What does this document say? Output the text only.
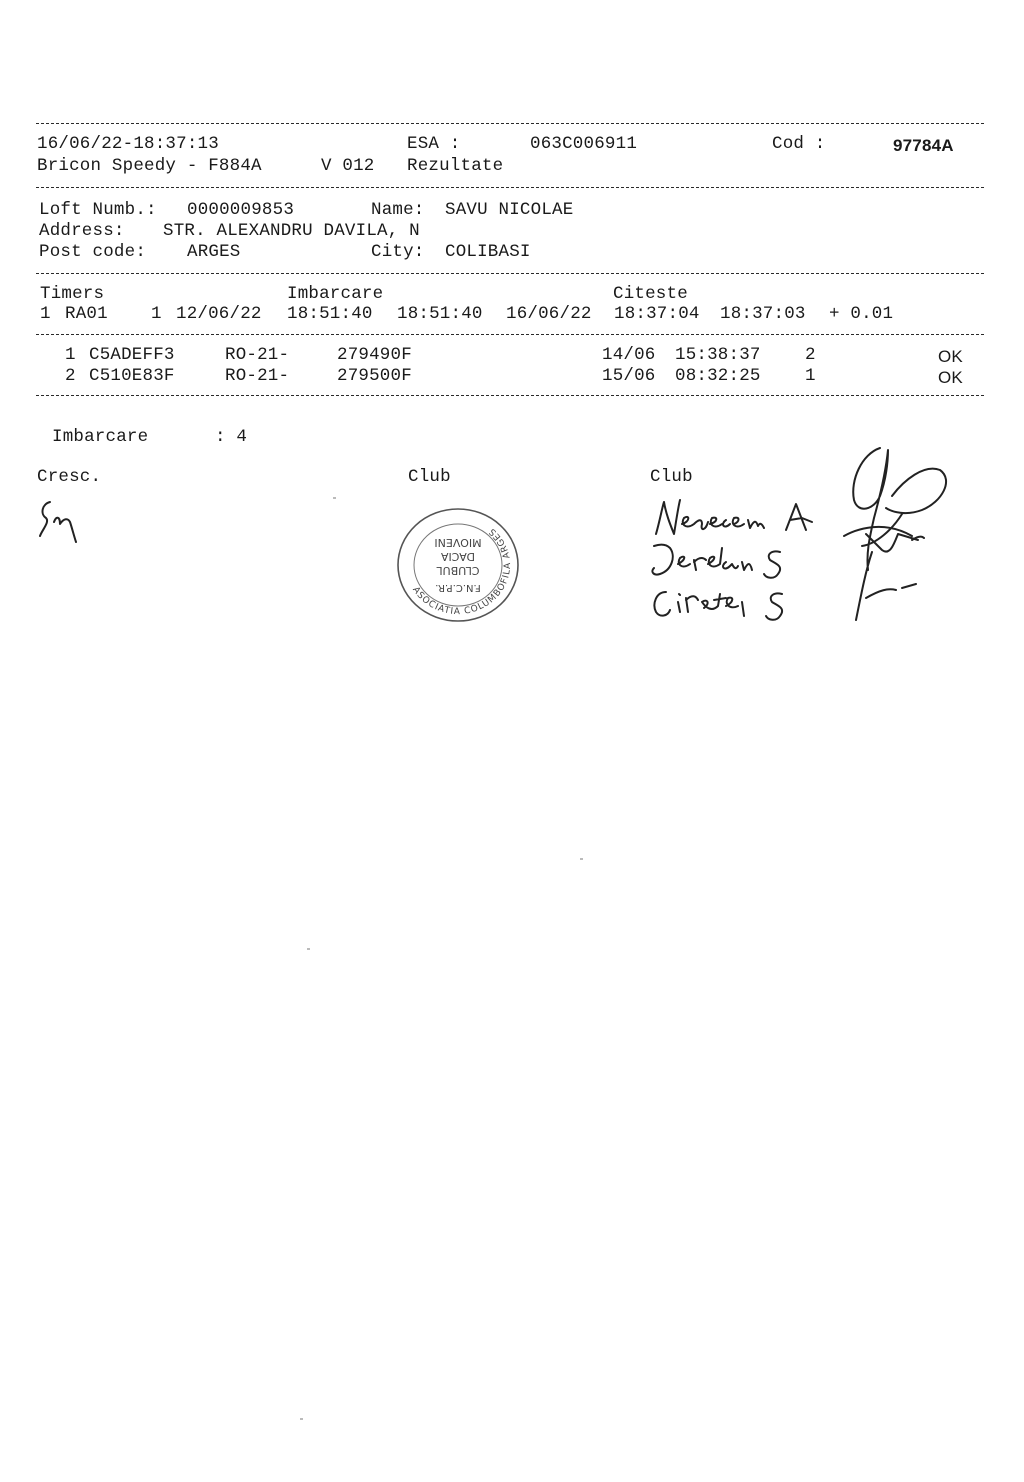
16/06/22-18:37:13	ESA :	063C006911	Cod :	97784A
Bricon Speedy - F884A	V 012 Rezultate
Loft Numb.: 0000009853	Name: SAVU NICOLAE
Address: STR. ALEXANDRU DAVILA, N
Post code: ARGES	City: COLIBASI
Timers	Imbarcare	Citeste
1 RA01 1 12/06/22 18:51:40 18:51:40 16/06/22 18:37:04 18:37:03 + 0.01
1 C5ADEFF3	RO-21-	279490F	14/06 15:38:37	2	OK
2 C510E83F	RO-21-	279500F	15/06 08:32:25	1	OK
Imbarcare	: 4
Cresc.	Club	Club
ASOCIATIA COLUMBOFILA ARGES
F.N.C.P.R.
CLUBUL
DACIA
MIOVENI
